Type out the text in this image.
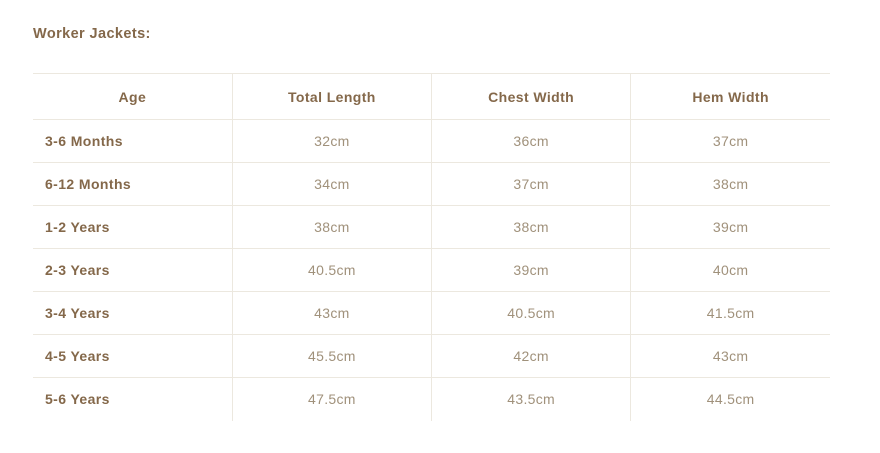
Worker Jackets:
Age	Total Length	Chest Width	Hem Width
3-6 Months	32cm	36cm	37cm
6-12 Months	34cm	37cm	38cm
1-2 Years	38cm	38cm	39cm
2-3 Years	40.5cm	39cm	40cm
3-4 Years	43cm	40.5cm	41.5cm
4-5 Years	45.5cm	42cm	43cm
5-6 Years	47.5cm	43.5cm	44.5cm
